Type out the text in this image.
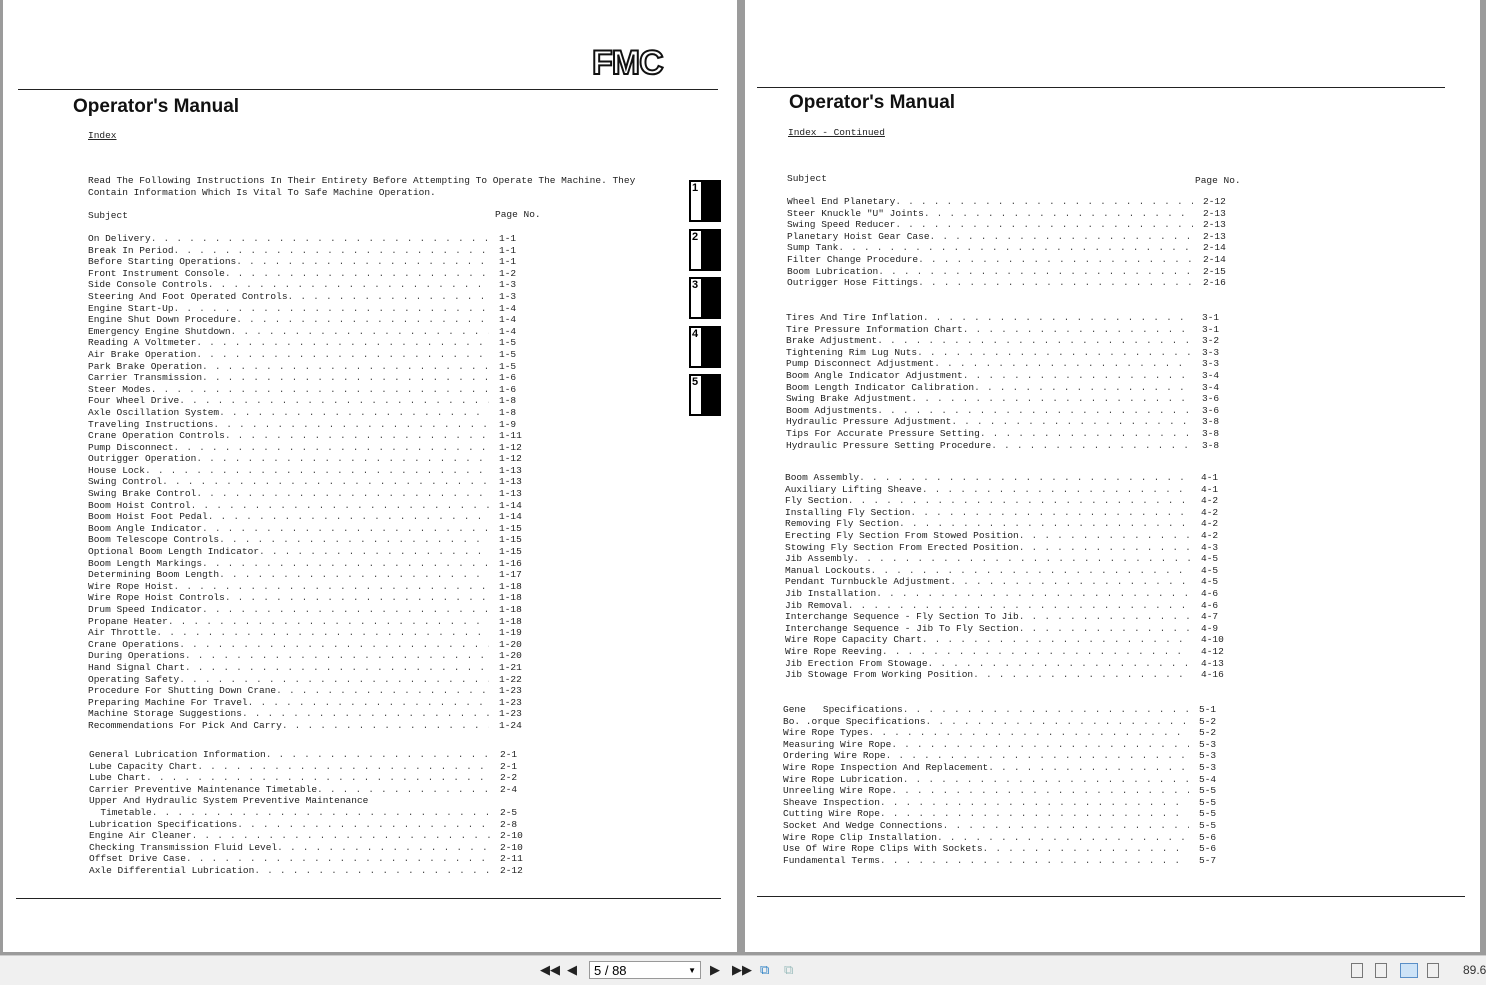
FMC
Operator's Manual
Index
Read The Following Instructions In Their Entirety Before Attempting To Operate The Machine. They
Contain Information Which Is Vital To Safe Machine Operation.
Subject	Page No.
On Delivery . . .	1-1
Break In Period . . .	1-1
Before Starting Operations . . .	1-1
Front Instrument Console . . .	1-2
Side Console Controls . . .	1-3
Steering And Foot Operated Controls . . .	1-3
Engine Start-Up . . .	1-4
Engine Shut Down Procedure . . .	1-4
Emergency Engine Shutdown . . .	1-4
Reading A Voltmeter . . .	1-5
Air Brake Operation . . .	1-5
Park Brake Operation . . .	1-5
Carrier Transmission . . .	1-6
Steer Modes . . .	1-6
Four Wheel Drive . . .	1-8
Axle Oscillation System . . .	1-8
Traveling Instructions . . .	1-9
Crane Operation Controls . . .	1-11
Pump Disconnect . . .	1-12
Outrigger Operation . . .	1-12
House Lock . . .	1-13
Swing Control . . .	1-13
Swing Brake Control . . .	1-13
Boom Hoist Control . . .	1-14
Boom Hoist Foot Pedal . . .	1-14
Boom Angle Indicator . . .	1-15
Boom Telescope Controls . . .	1-15
Optional Boom Length Indicator . . .	1-15
Boom Length Markings . . .	1-16
Determining Boom Length . . .	1-17
Wire Rope Hoist . . .	1-18
Wire Rope Hoist Controls . . .	1-18
Drum Speed Indicator . . .	1-18
Propane Heater . . .	1-18
Air Throttle . . .	1-19
Crane Operations . . .	1-20
During Operations . . .	1-20
Hand Signal Chart . . .	1-21
Operating Safety . . .	1-22
Procedure For Shutting Down Crane . . .	1-23
Preparing Machine For Travel . . .	1-23
Machine Storage Suggestions . . .	1-23
Recommendations For Pick And Carry . . .	1-24
General Lubrication Information . . .	2-1
Lube Capacity Chart . . .	2-1
Lube Chart . . .	2-2
Carrier Preventive Maintenance Timetable . . .	2-4
Upper And Hydraulic System Preventive Maintenance
Timetable . . .	2-5
Lubrication Specifications . . .	2-8
Engine Air Cleaner . . .	2-10
Checking Transmission Fluid Level . . .	2-10
Offset Drive Case . . .	2-11
Axle Differential Lubrication . . .	2-12
1
2
3
4
5
Operator's Manual
Index - Continued
Subject	Page No.
Wheel End Planetary . . .	2-12
Steer Knuckle "U" Joints . . .	2-13
Swing Speed Reducer . . .	2-13
Planetary Hoist Gear Case . . .	2-13
Sump Tank . . .	2-14
Filter Change Procedure . . .	2-14
Boom Lubrication . . .	2-15
Outrigger Hose Fittings . . .	2-16
Tires And Tire Inflation . . .	3-1
Tire Pressure Information Chart . . .	3-1
Brake Adjustment . . .	3-2
Tightening Rim Lug Nuts . . .	3-3
Pump Disconnect Adjustment . . .	3-3
Boom Angle Indicator Adjustment . . .	3-4
Boom Length Indicator Calibration . . .	3-4
Swing Brake Adjustment . . .	3-6
Boom Adjustments . . .	3-6
Hydraulic Pressure Adjustment . . .	3-8
Tips For Accurate Pressure Setting . . .	3-8
Hydraulic Pressure Setting Procedure . . .	3-8
Boom Assembly . . .	4-1
Auxiliary Lifting Sheave . . .	4-1
Fly Section . . .	4-2
Installing Fly Section . . .	4-2
Removing Fly Section . . .	4-2
Erecting Fly Section From Stowed Position . . .	4-2
Stowing Fly Section From Erected Position . . .	4-3
Jib Assembly . . .	4-5
Manual Lockouts . . .	4-5
Pendant Turnbuckle Adjustment . . .	4-5
Jib Installation . . .	4-6
Jib Removal . . .	4-6
Interchange Sequence - Fly Section To Jib . . .	4-7
Interchange Sequence - Jib To Fly Section . . .	4-9
Wire Rope Capacity Chart . . .	4-10
Wire Rope Reeving . . .	4-12
Jib Erection From Stowage . . .	4-13
Jib Stowage From Working Position . . .	4-16
Gene   Specifications . . .	5-1
Bo. .orque Specifications . . .	5-2
Wire Rope Types . . .	5-2
Measuring Wire Rope . . .	5-3
Ordering Wire Rope . . .	5-3
Wire Rope Inspection And Replacement . . .	5-3
Wire Rope Lubrication . . .	5-4
Unreeling Wire Rope . . .	5-5
Sheave Inspection . . .	5-5
Cutting Wire Rope . . .	5-5
Socket And Wedge Connections . . .	5-5
Wire Rope Clip Installation . . .	5-6
Use Of Wire Rope Clips With Sockets . . .	5-6
Fundamental Terms . . .	5-7
◀◀ ◀	5 / 88	▼ ▶ ▶▶ ⧉ ⧉	89.6
